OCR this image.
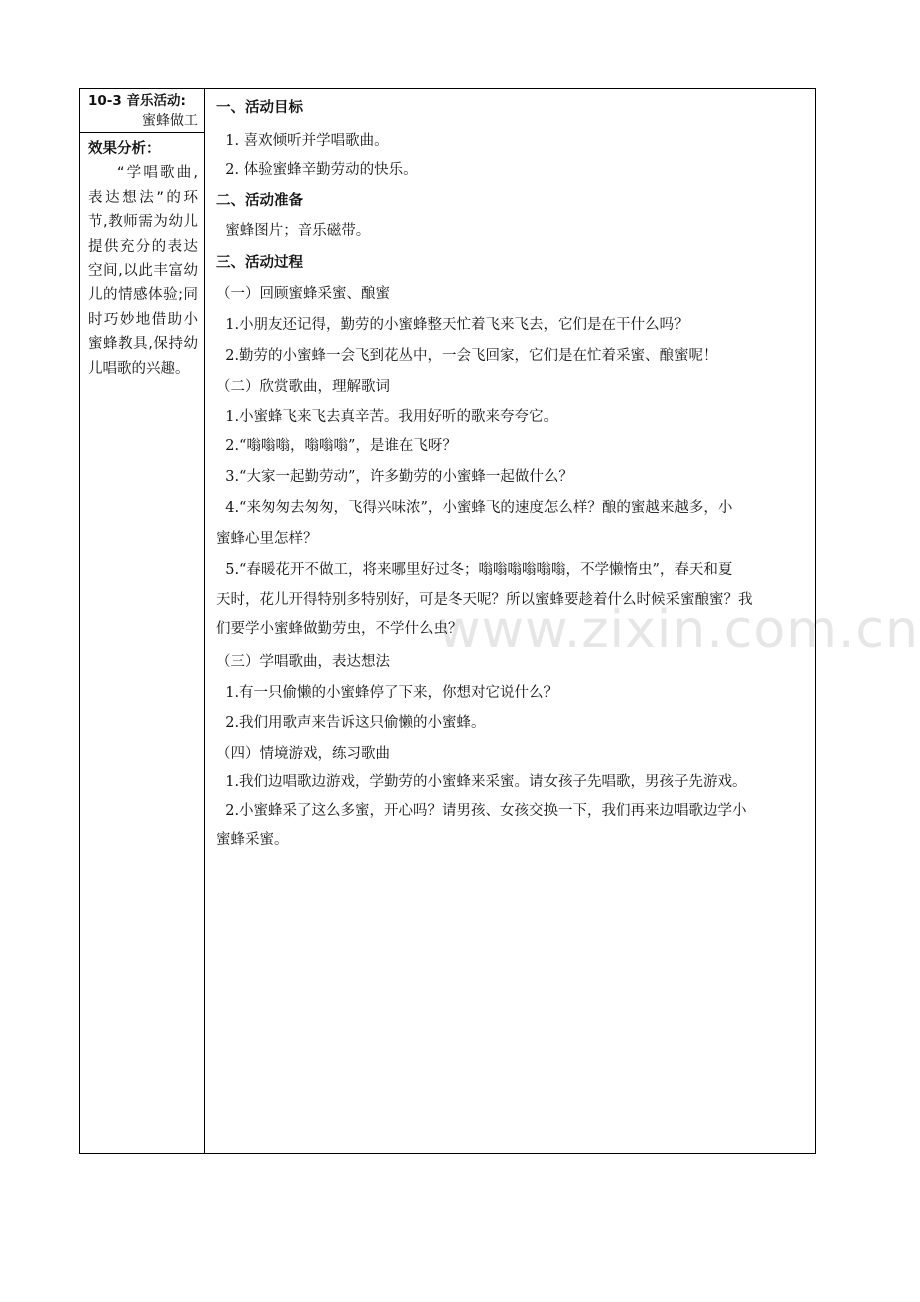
www.zixin.com.cn
10-3 音乐活动:
蜜蜂做工
效果分析：
“学唱歌曲,表达想法”的环节,教师需为幼儿提供充分的表达空间,以此丰富幼儿的情感体验;同时巧妙地借助小蜜蜂教具,保持幼儿唱歌的兴趣。
一、活动目标
1. 喜欢倾听并学唱歌曲。
2. 体验蜜蜂辛勤劳动的快乐。
二、活动准备
蜜蜂图片；音乐磁带。
三、活动过程
（一）回顾蜜蜂采蜜、酿蜜
1.小朋友还记得，勤劳的小蜜蜂整天忙着飞来飞去，它们是在干什么吗？
2.勤劳的小蜜蜂一会飞到花丛中，一会飞回家，它们是在忙着采蜜、酿蜜呢！
（二）欣赏歌曲，理解歌词
1.小蜜蜂飞来飞去真辛苦。我用好听的歌来夸夸它。
2.“嗡嗡嗡，嗡嗡嗡”，是谁在飞呀？
3.“大家一起勤劳动”，许多勤劳的小蜜蜂一起做什么？
4.“来匆匆去匆匆，飞得兴味浓”，小蜜蜂飞的速度怎么样？酿的蜜越来越多，小
蜜蜂心里怎样？
5.“春暖花开不做工，将来哪里好过冬；嗡嗡嗡嗡嗡嗡，不学懒惰虫”，春天和夏
天时，花儿开得特别多特别好，可是冬天呢？所以蜜蜂要趁着什么时候采蜜酿蜜？我
们要学小蜜蜂做勤劳虫，不学什么虫？
（三）学唱歌曲，表达想法
1.有一只偷懒的小蜜蜂停了下来，你想对它说什么？
2.我们用歌声来告诉这只偷懒的小蜜蜂。
（四）情境游戏，练习歌曲
1.我们边唱歌边游戏，学勤劳的小蜜蜂来采蜜。请女孩子先唱歌，男孩子先游戏。
2.小蜜蜂采了这么多蜜，开心吗？请男孩、女孩交换一下，我们再来边唱歌边学小
蜜蜂采蜜。
